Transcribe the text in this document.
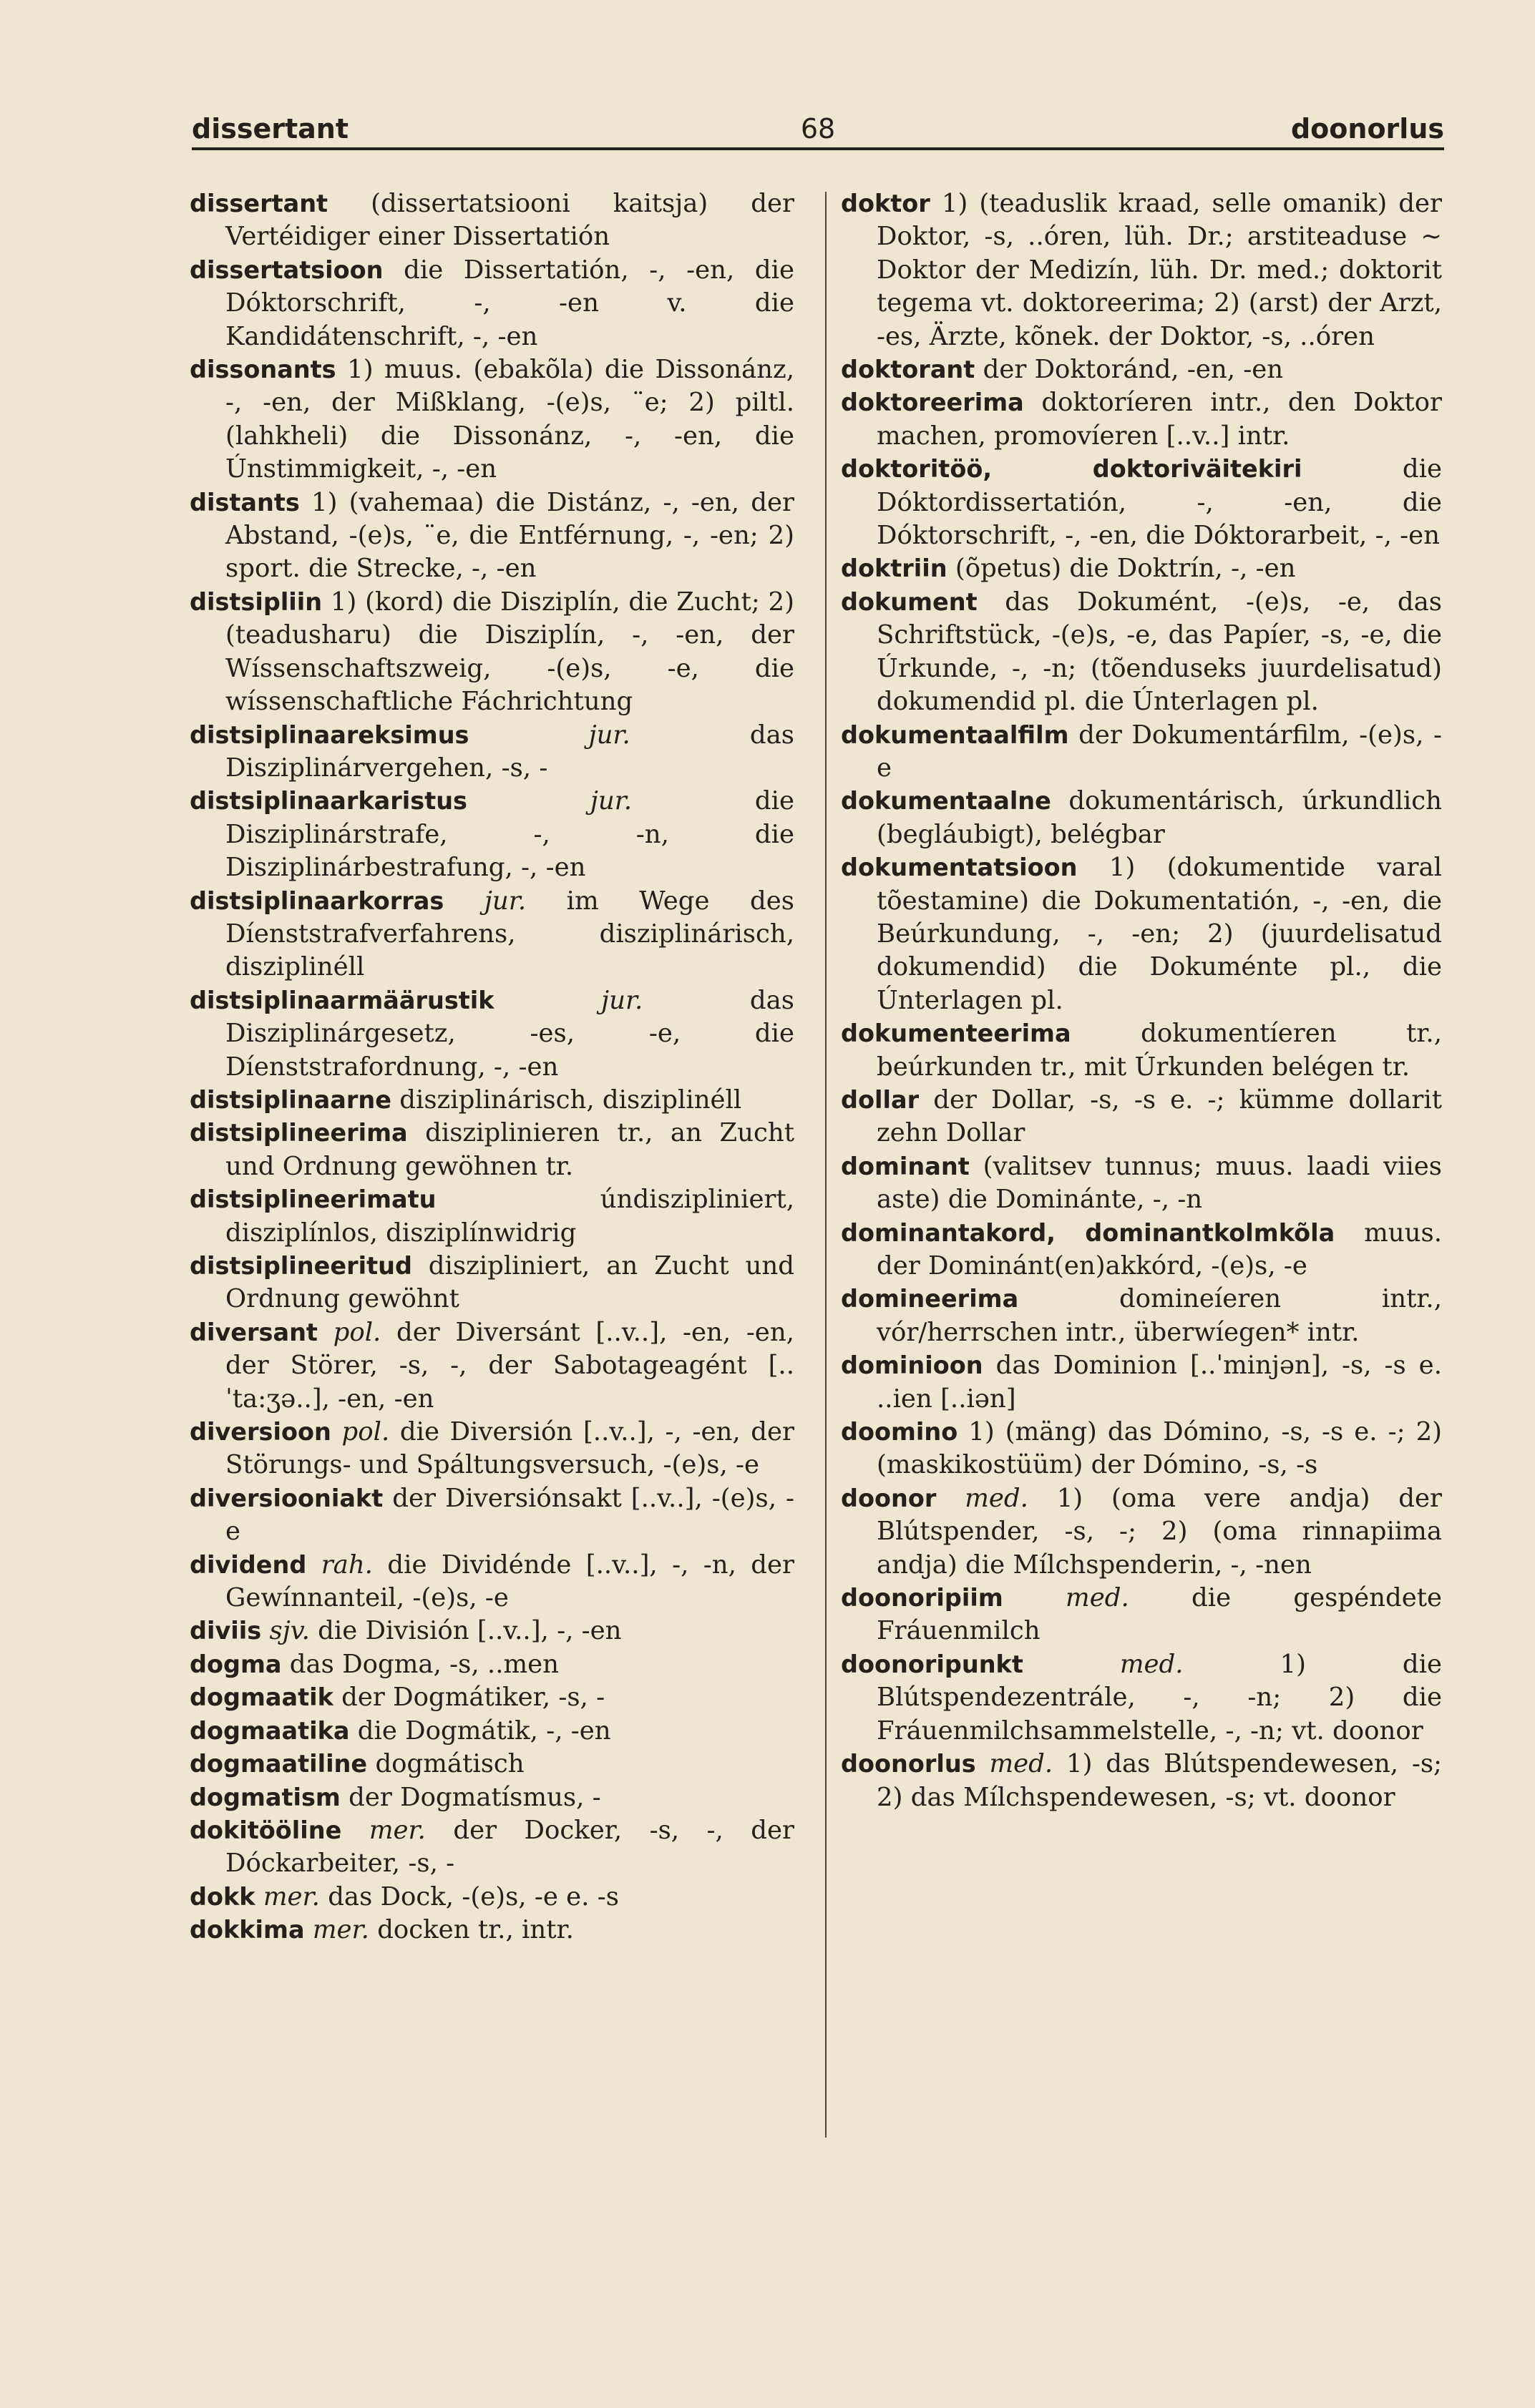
dissertant	68	doonorlus

dissertant (dissertatsiooni kaitsja) der Vertéidiger einer Dissertatión

dissertatsioon die Dissertatión, -, -en, die Dóktorschrift, -, -en v. die Kandidátenschrift, -, -en

dissonants 1) muus. (ebakõla) die Dissonánz, -, -en, der Mißklang, -(e)s, ¨e; 2) piltl. (lahkheli) die Dissonánz, -, -en, die Únstimmigkeit, -, -en

distants 1) (vahemaa) die Distánz, -, -en, der Abstand, -(e)s, ¨e, die Entférnung, -, -en; 2) sport. die Strecke, -, -en

distsipliin 1) (kord) die Disziplín, die Zucht; 2) (teadusharu) die Disziplín, -, -en, der Wíssenschaftszweig, -(e)s, -e, die wíssenschaftliche Fáchrichtung

distsiplinaareksimus	jur.	das Disziplinárvergehen, -s, -

distsiplinaarkaristus	jur.	die Disziplinárstrafe, -, -n, die Disziplinárbestrafung, -, -en

distsiplinaarkorras jur. im Wege des Díenststrafverfahrens, disziplinárisch, disziplinéll

distsiplinaarmäärustik	jur.	das Disziplinárgesetz, -es, -e, die Díenststrafordnung, -, -en

distsiplinaarne disziplinárisch, disziplinéll

distsiplineerima disziplinieren tr., an Zucht und Ordnung gewöhnen tr.

distsiplineerimatu	úndiszipliniert, disziplínlos, disziplínwidrig

distsiplineeritud diszipliniert, an Zucht und Ordnung gewöhnt

diversant pol. der Diversánt [..v..], -en, -en, der Störer, -s, -, der Sabotageagént [..ˈta:ʒə..], -en, -en

diversioon pol. die Diversión [..v..], -, -en, der Störungs- und Spáltungsversuch, -(e)s, -e

diversiooniakt der Diversiónsakt [..v..], -(e)s, -e

dividend rah. die Dividénde [..v..], -, -n, der Gewínnanteil, -(e)s, -e

diviis sjv. die División [..v..], -, -en

dogma das Dogma, -s, ..men

dogmaatik der Dogmátiker, -s, -

dogmaatika die Dogmátik, -, -en

dogmaatiline dogmátisch

dogmatism der Dogmatísmus, -

dokitööline mer. der Docker, -s, -, der Dóckarbeiter, -s, -

dokk mer. das Dock, -(e)s, -e e. -s

dokkima mer. docken tr., intr.

doktor 1) (teaduslik kraad, selle omanik) der Doktor, -s, ..óren, lüh. Dr.; arstiteaduse ~ Doktor der Medizín, lüh. Dr. med.; doktorit tegema vt. doktoreerima; 2) (arst) der Arzt, -es, Ärzte, kõnek. der Doktor, -s, ..óren

doktorant der Doktoránd, -en, -en

doktoreerima doktoríeren intr., den Doktor machen, promovíeren [..v..] intr.

doktoritöö, doktoriväitekiri	die Dóktordissertatión, -, -en, die Dóktorschrift, -, -en, die Dóktorarbeit, -, -en

doktriin (õpetus) die Doktrín, -, -en

dokument das Dokumént, -(e)s, -e, das Schriftstück, -(e)s, -e, das Papíer, -s, -e, die Úrkunde, -, -n; (tõenduseks juurdelisatud) dokumendid pl. die Únterlagen pl.

dokumentaalfilm der Dokumentárfilm, -(e)s, -e

dokumentaalne dokumentárisch, úrkundlich (begláubigt), belégbar

dokumentatsioon 1) (dokumentide varal tõestamine) die Dokumentatión, -, -en, die Beúrkundung, -, -en; 2) (juurdelisatud dokumendid) die Dokuménte pl., die Únterlagen pl.

dokumenteerima	dokumentíeren tr., beúrkunden tr., mit Úrkunden belégen tr.

dollar der Dollar, -s, -s e. -; kümme dollarit zehn Dollar

dominant (valitsev tunnus; muus. laadi viies aste) die Dominánte, -, -n

dominantakord, dominantkolmkõla muus. der Dominánt(en)akkórd, -(e)s, -e

domineerima	domineíeren intr., vór/herrschen intr., überwíegen* intr.

dominioon das Dominion [..ˈminjən], -s, -s e. ..ien [..iən]

doomino 1) (mäng) das Dómino, -s, -s e. -; 2) (maskikostüüm) der Dómino, -s, -s

doonor med. 1) (oma vere andja) der Blútspender, -s, -; 2) (oma rinnapiima andja) die Mílchspenderin, -, -nen

doonoripiim med. die gespéndete Fráuenmilch

doonoripunkt	med.	1) die Blútspendezentrále, -, -n; 2) die Fráuenmilchsammelstelle, -, -n; vt. doonor

doonorlus med. 1) das Blútspendewesen, -s; 2) das Mílchspendewesen, -s; vt. doonor
